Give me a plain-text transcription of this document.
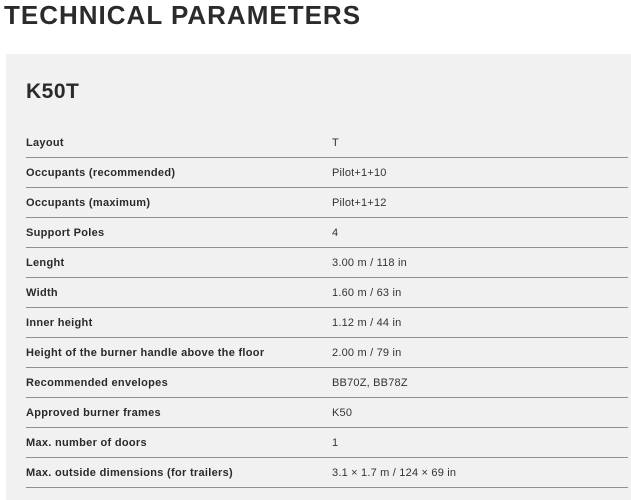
TECHNICAL PARAMETERS
K50T
Layout	T
Occupants (recommended)	Pilot+1+10
Occupants (maximum)	Pilot+1+12
Support Poles	4
Lenght	3.00 m / 118 in
Width	1.60 m / 63 in
Inner height	1.12 m / 44 in
Height of the burner handle above the floor	2.00 m / 79 in
Recommended envelopes	BB70Z, BB78Z
Approved burner frames	K50
Max. number of doors	1
Max. outside dimensions (for trailers)	3.1 × 1.7 m / 124 × 69 in
